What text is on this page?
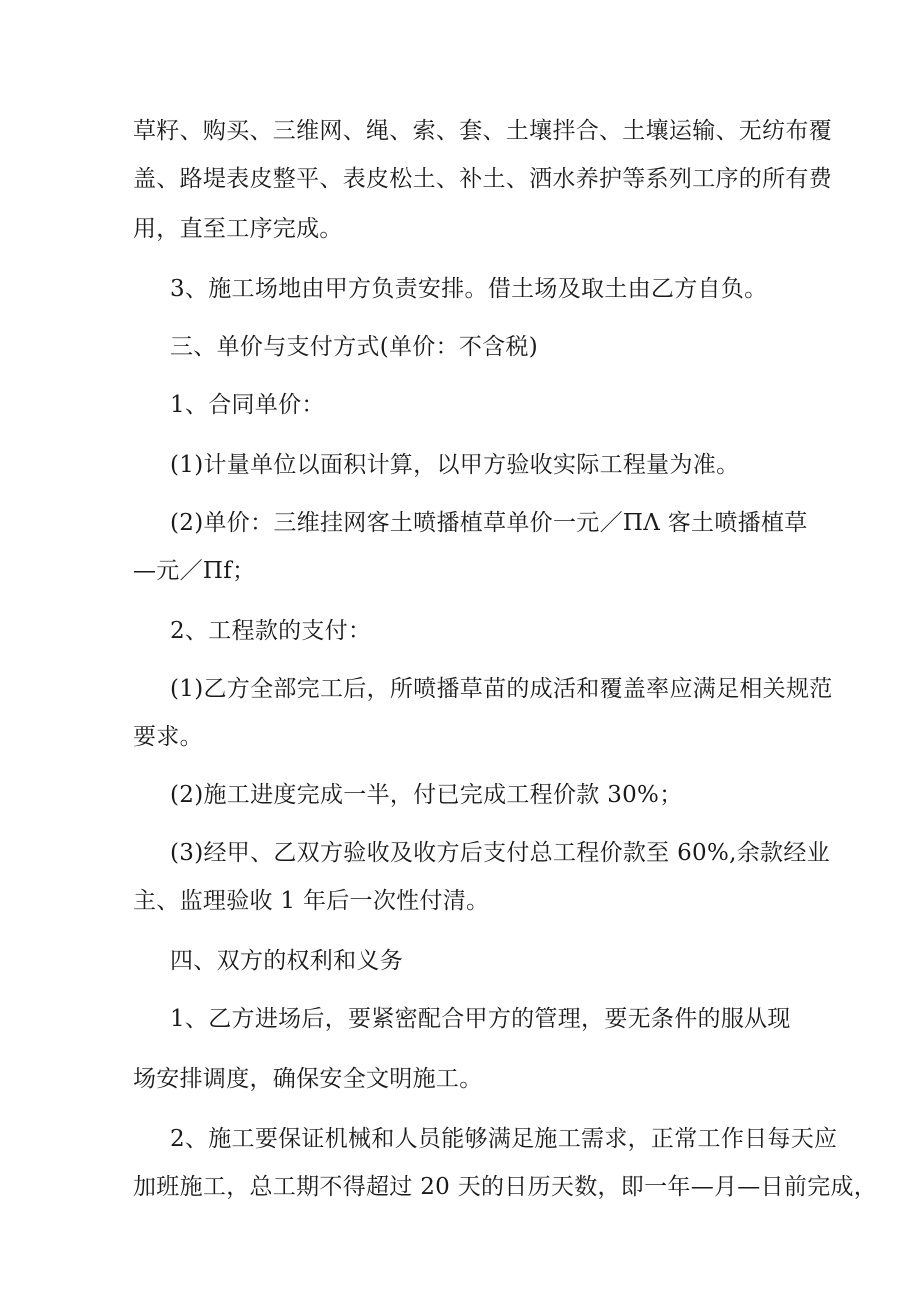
草籽、购买、三维网、绳、索、套、土壤拌合、土壤运输、无纺布覆
盖、路堤表皮整平、表皮松土、补土、洒水养护等系列工序的所有费
用，直至工序完成。
3、施工场地由甲方负责安排。借土场及取土由乙方自负。
三、单价与支付方式(单价：不含税)
1、合同单价：
(1)计量单位以面积计算，以甲方验收实际工程量为准。
(2)单价：三维挂网客土喷播植草单价一元／ΠΛ 客土喷播植草
—元／Πf；
2、工程款的支付：
(1)乙方全部完工后，所喷播草苗的成活和覆盖率应满足相关规范
要求。
(2)施工进度完成一半，付已完成工程价款 30%；
(3)经甲、乙双方验收及收方后支付总工程价款至 60%,余款经业
主、监理验收 1 年后一次性付清。
四、双方的权利和义务
1、乙方进场后，要紧密配合甲方的管理，要无条件的服从现
场安排调度，确保安全文明施工。
2、施工要保证机械和人员能够满足施工需求，正常工作日每天应
加班施工，总工期不得超过 20 天的日历天数，即一年—月—日前完成，
